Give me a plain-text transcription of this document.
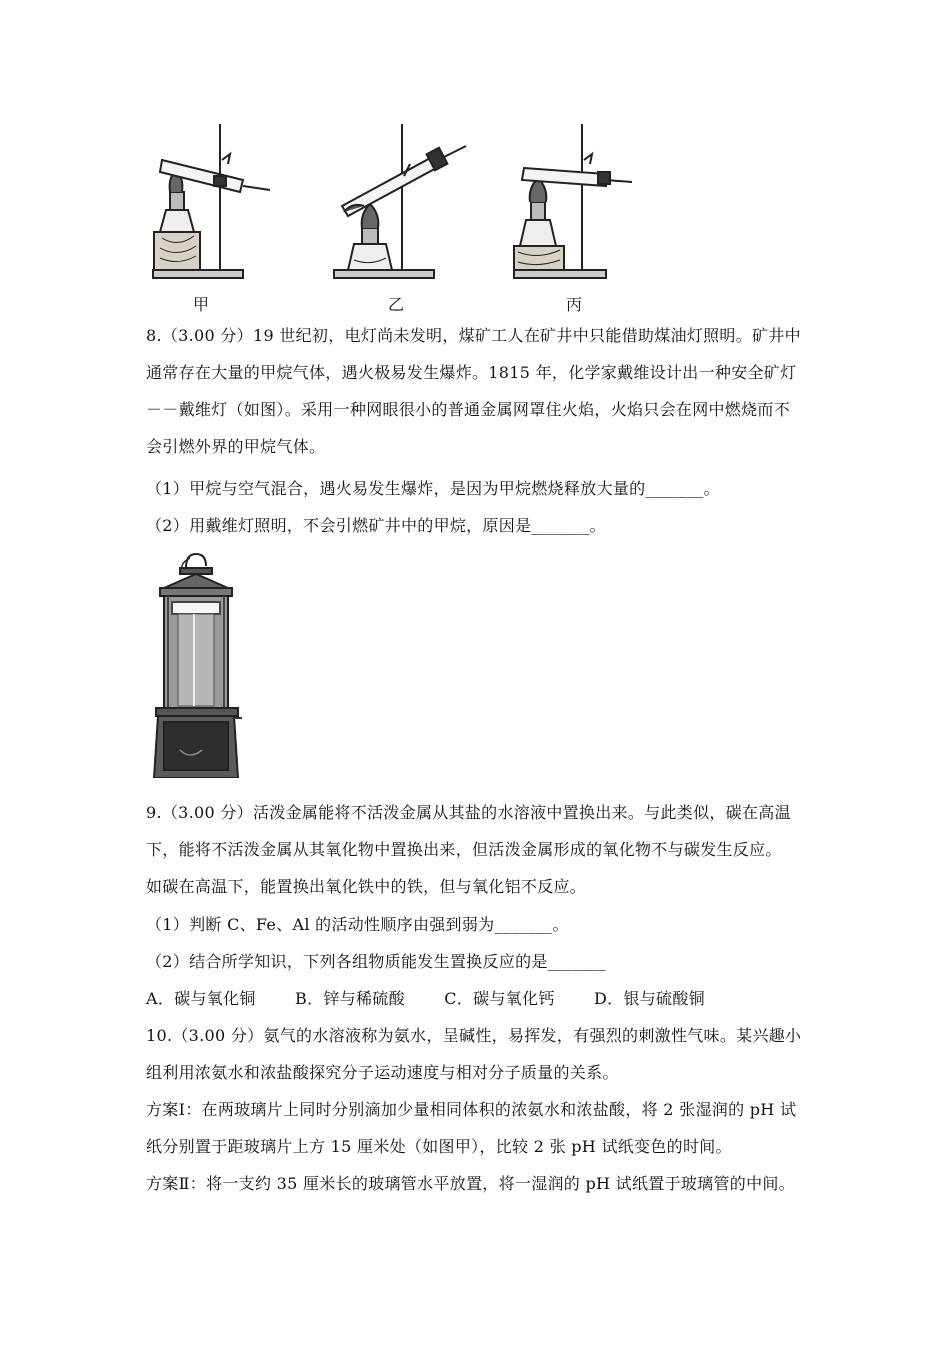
甲	乙	丙
8.（3.00 分）19 世纪初，电灯尚未发明，煤矿工人在矿井中只能借助煤油灯照明。矿井中
通常存在大量的甲烷气体，遇火极易发生爆炸。1815 年，化学家戴维设计出一种安全矿灯
－－戴维灯（如图）。采用一种网眼很小的普通金属网罩住火焰，火焰只会在网中燃烧而不
会引燃外界的甲烷气体。
（1）甲烷与空气混合，遇火易发生爆炸，是因为甲烷燃烧释放大量的_______。
（2）用戴维灯照明，不会引燃矿井中的甲烷，原因是_______。
9.（3.00 分）活泼金属能将不活泼金属从其盐的水溶液中置换出来。与此类似，碳在高温
下，能将不活泼金属从其氧化物中置换出来，但活泼金属形成的氧化物不与碳发生反应。
如碳在高温下，能置换出氧化铁中的铁，但与氧化铝不反应。
（1）判断 C、Fe、Al 的活动性顺序由强到弱为_______。
（2）结合所学知识，下列各组物质能发生置换反应的是_______
A．碳与氧化铜 B．锌与稀硫酸 C．碳与氧化钙 D．银与硫酸铜
10.（3.00 分）氨气的水溶液称为氨水，呈碱性，易挥发，有强烈的刺激性气味。某兴趣小
组利用浓氨水和浓盐酸探究分子运动速度与相对分子质量的关系。
方案Ⅰ：在两玻璃片上同时分别滴加少量相同体积的浓氨水和浓盐酸，将 2 张湿润的 pH 试
纸分别置于距玻璃片上方 15 厘米处（如图甲），比较 2 张 pH 试纸变色的时间。
方案Ⅱ：将一支约 35 厘米长的玻璃管水平放置，将一湿润的 pH 试纸置于玻璃管的中间。
